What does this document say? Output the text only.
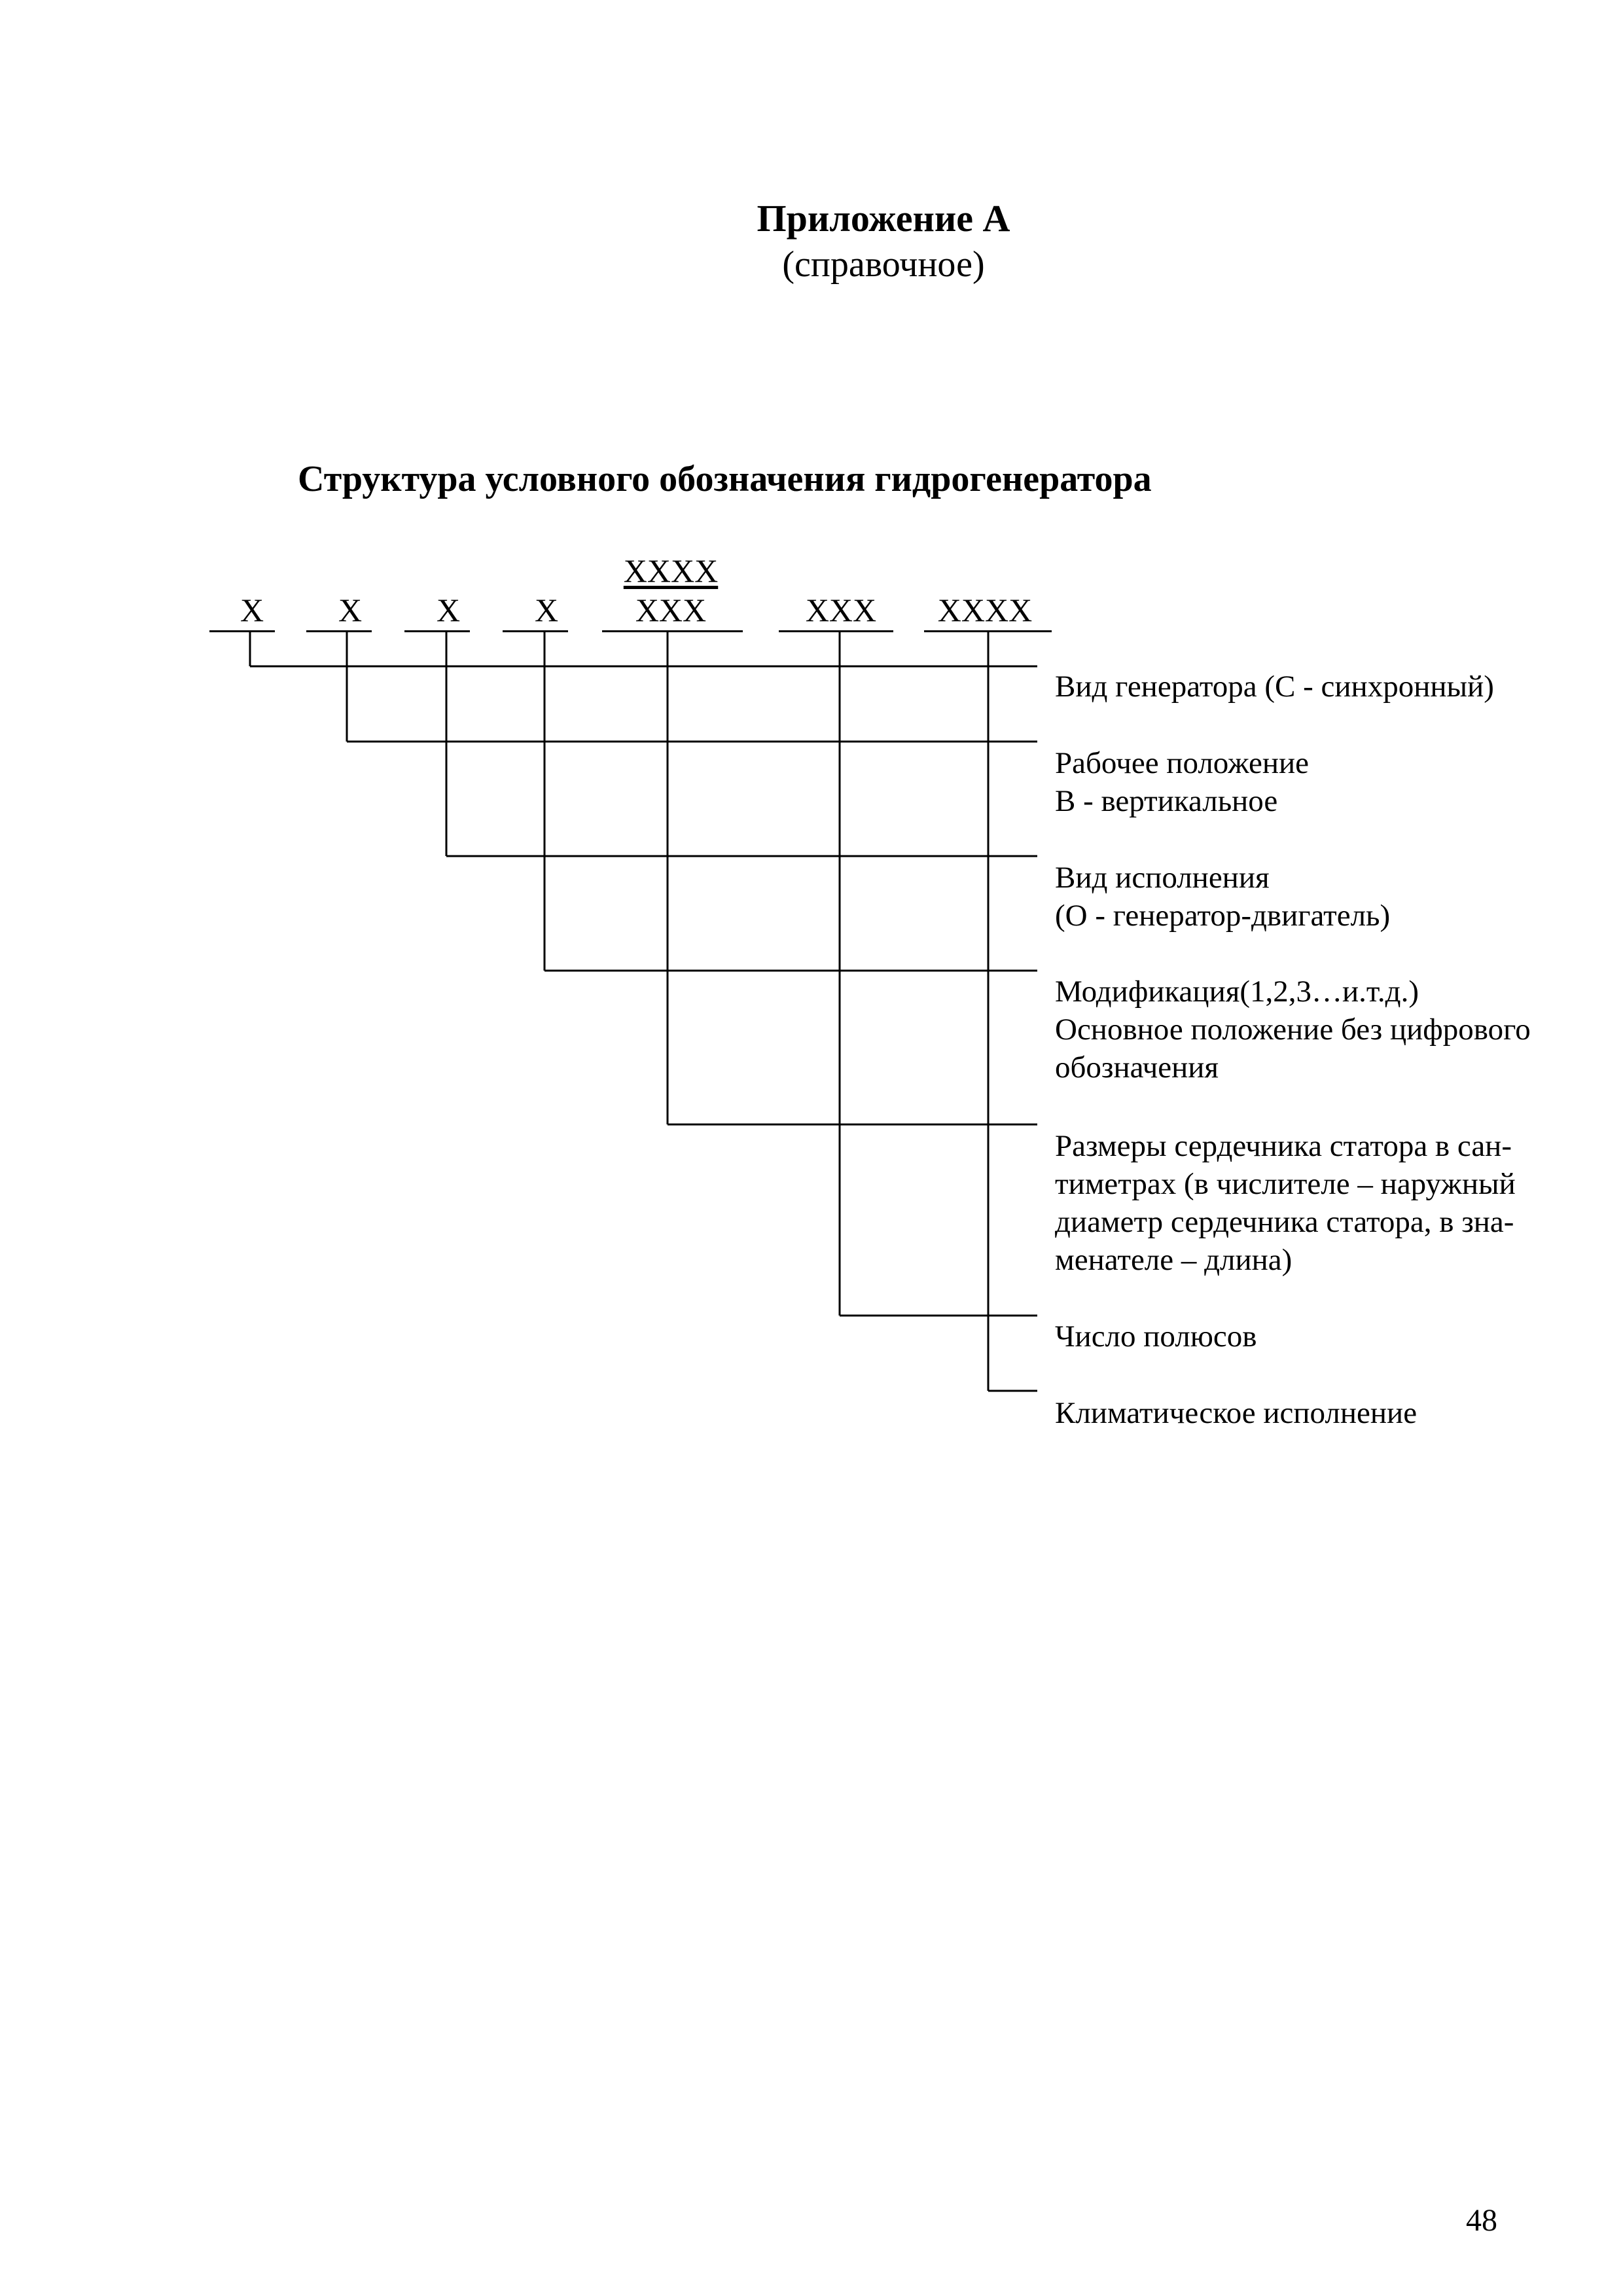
Приложение А
(справочное)
Структура условного обозначения гидрогенератора
Х	Х	Х	Х
ХХХХ
ХХХ	ХХХ	ХХХХ
Вид генератора (С - синхронный)
Рабочее положение
В - вертикальное
Вид исполнения
(О - генератор-двигатель)
Модификация(1,2,3…и.т.д.)
Основное положение без цифрового
обозначения
Размеры сердечника статора в сан-
тиметрах (в числителе – наружный
диаметр сердечника статора, в зна-
менателе – длина)
Число полюсов
Климатическое исполнение
48
